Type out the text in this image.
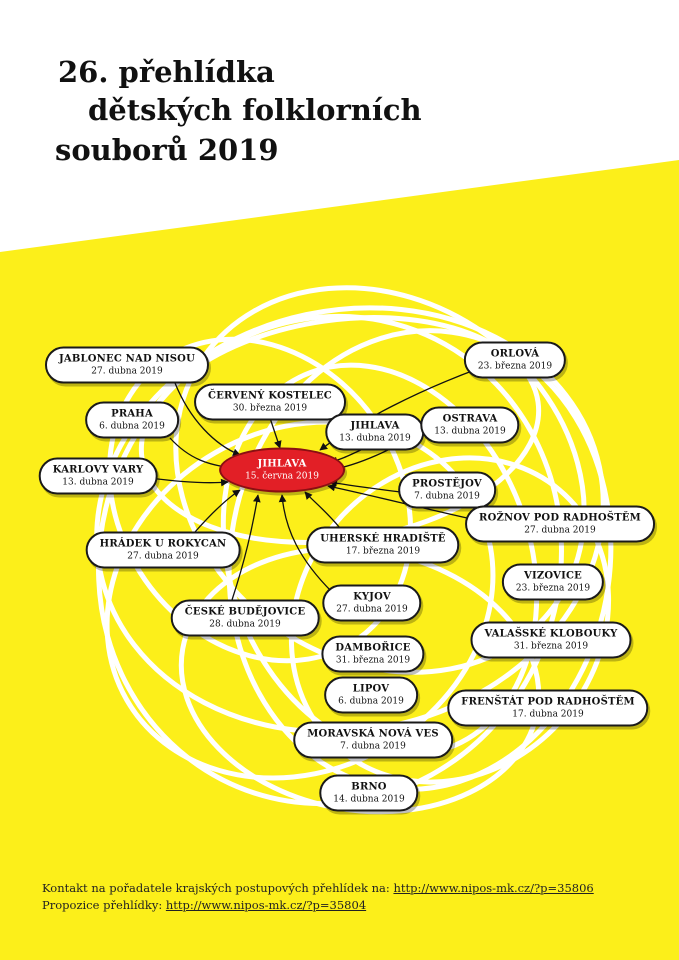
26. přehlídka
dětských folklorních
souborů 2019
JIHLAVA
15. června 2019
JABLONEC NAD NISOU
27. dubna 2019
ČERVENÝ KOSTELEC
30. března 2019
ORLOVÁ
23. března 2019
PRAHA
6. dubna 2019	JIHLAVA
13. dubna 2019
OSTRAVA
13. dubna 2019
KARLOVY VARY
13. dubna 2019	PROSTĚJOV
7. dubna 2019
ROŽNOV POD RADHOŠTĚM
27. dubna 2019
HRÁDEK U ROKYCAN
27. dubna 2019
UHERSKÉ HRADIŠTĚ
17. března 2019
VIZOVICE
23. března 2019
KYJOV
27. dubna 2019
ČESKÉ BUDĚJOVICE
28. dubna 2019
VALAŠSKÉ KLOBOUKY
31. března 2019
DAMBOŘICE
31. března 2019
LIPOV
6. dubna 2019	FRENŠTÁT POD RADHOŠTĚM
17. dubna 2019
MORAVSKÁ NOVÁ VES
7. dubna 2019
BRNO
14. dubna 2019
Kontakt na pořadatele krajských postupových přehlídek na: http://www.nipos-mk.cz/?p=35806
Propozice přehlídky: http://www.nipos-mk.cz/?p=35804
